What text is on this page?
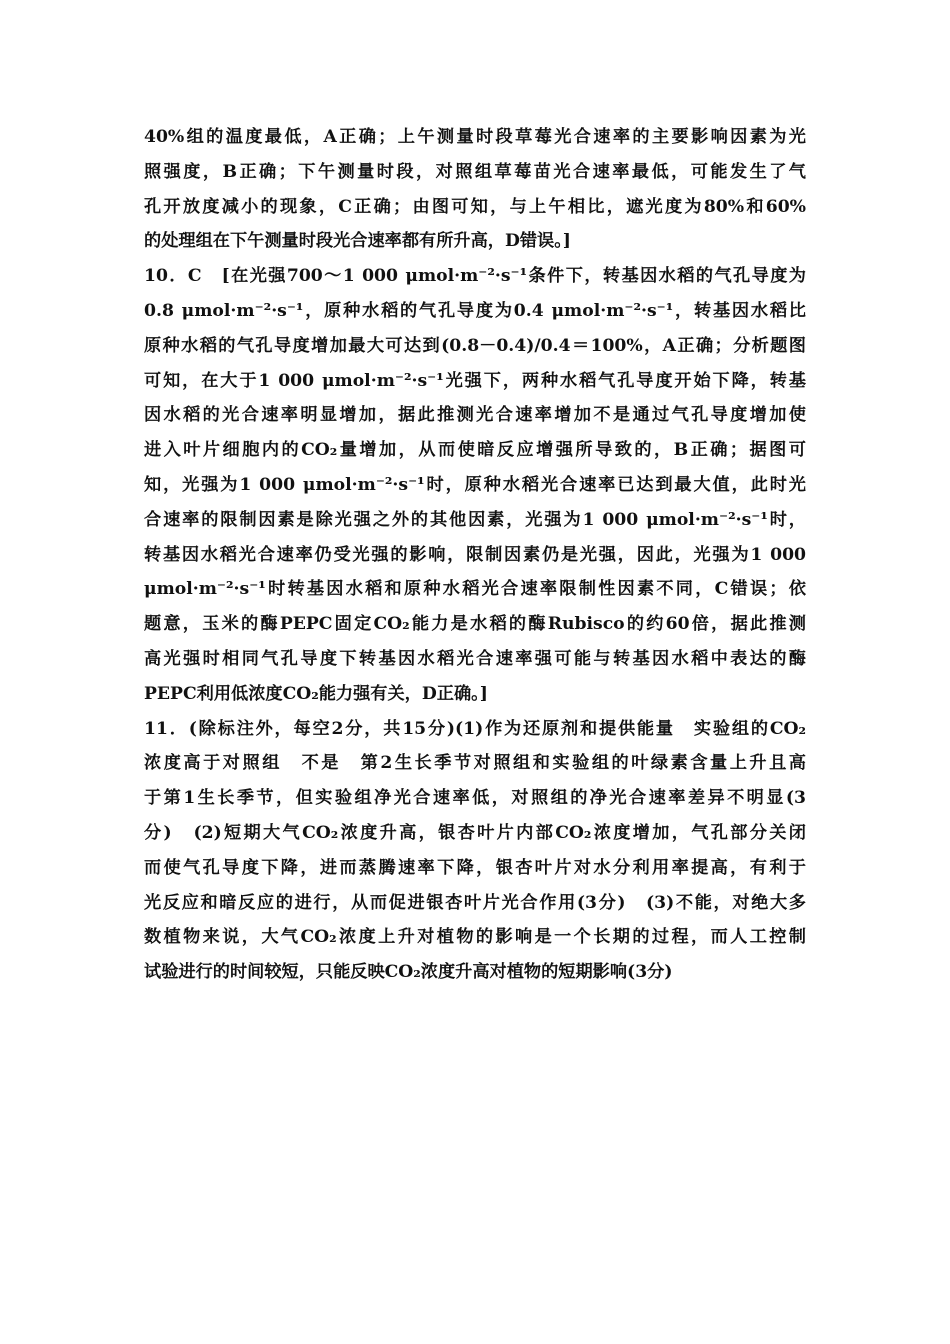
40%组的温度最低，A正确；上午测量时段草莓光合速率的主要影响因素为光
照强度，B正确；下午测量时段，对照组草莓苗光合速率最低，可能发生了气
孔开放度减小的现象，C正确；由图可知，与上午相比，遮光度为80%和60%
的处理组在下午测量时段光合速率都有所升高，D错误。]
10．C　[在光强700～1 000 μmol·m⁻²·s⁻¹条件下，转基因水稻的气孔导度为
0.8 μmol·m⁻²·s⁻¹，原种水稻的气孔导度为0.4 μmol·m⁻²·s⁻¹，转基因水稻比
原种水稻的气孔导度增加最大可达到(0.8－0.4)/0.4＝100%，A正确；分析题图
可知，在大于1 000 μmol·m⁻²·s⁻¹光强下，两种水稻气孔导度开始下降，转基
因水稻的光合速率明显增加，据此推测光合速率增加不是通过气孔导度增加使
进入叶片细胞内的CO₂量增加，从而使暗反应增强所导致的，B正确；据图可
知，光强为1 000 μmol·m⁻²·s⁻¹时，原种水稻光合速率已达到最大值，此时光
合速率的限制因素是除光强之外的其他因素，光强为1 000 μmol·m⁻²·s⁻¹时，
转基因水稻光合速率仍受光强的影响，限制因素仍是光强，因此，光强为1 000
μmol·m⁻²·s⁻¹时转基因水稻和原种水稻光合速率限制性因素不同，C错误；依
题意，玉米的酶PEPC固定CO₂能力是水稻的酶Rubisco的约60倍，据此推测
高光强时相同气孔导度下转基因水稻光合速率强可能与转基因水稻中表达的酶
PEPC利用低浓度CO₂能力强有关，D正确。]
11．(除标注外，每空2分，共15分)(1)作为还原剂和提供能量　实验组的CO₂
浓度高于对照组　不是　第2生长季节对照组和实验组的叶绿素含量上升且高
于第1生长季节，但实验组净光合速率低，对照组的净光合速率差异不明显(3
分)　(2)短期大气CO₂浓度升高，银杏叶片内部CO₂浓度增加，气孔部分关闭
而使气孔导度下降，进而蒸腾速率下降，银杏叶片对水分利用率提高，有利于
光反应和暗反应的进行，从而促进银杏叶片光合作用(3分)　(3)不能，对绝大多
数植物来说，大气CO₂浓度上升对植物的影响是一个长期的过程，而人工控制
试验进行的时间较短，只能反映CO₂浓度升高对植物的短期影响(3分)
